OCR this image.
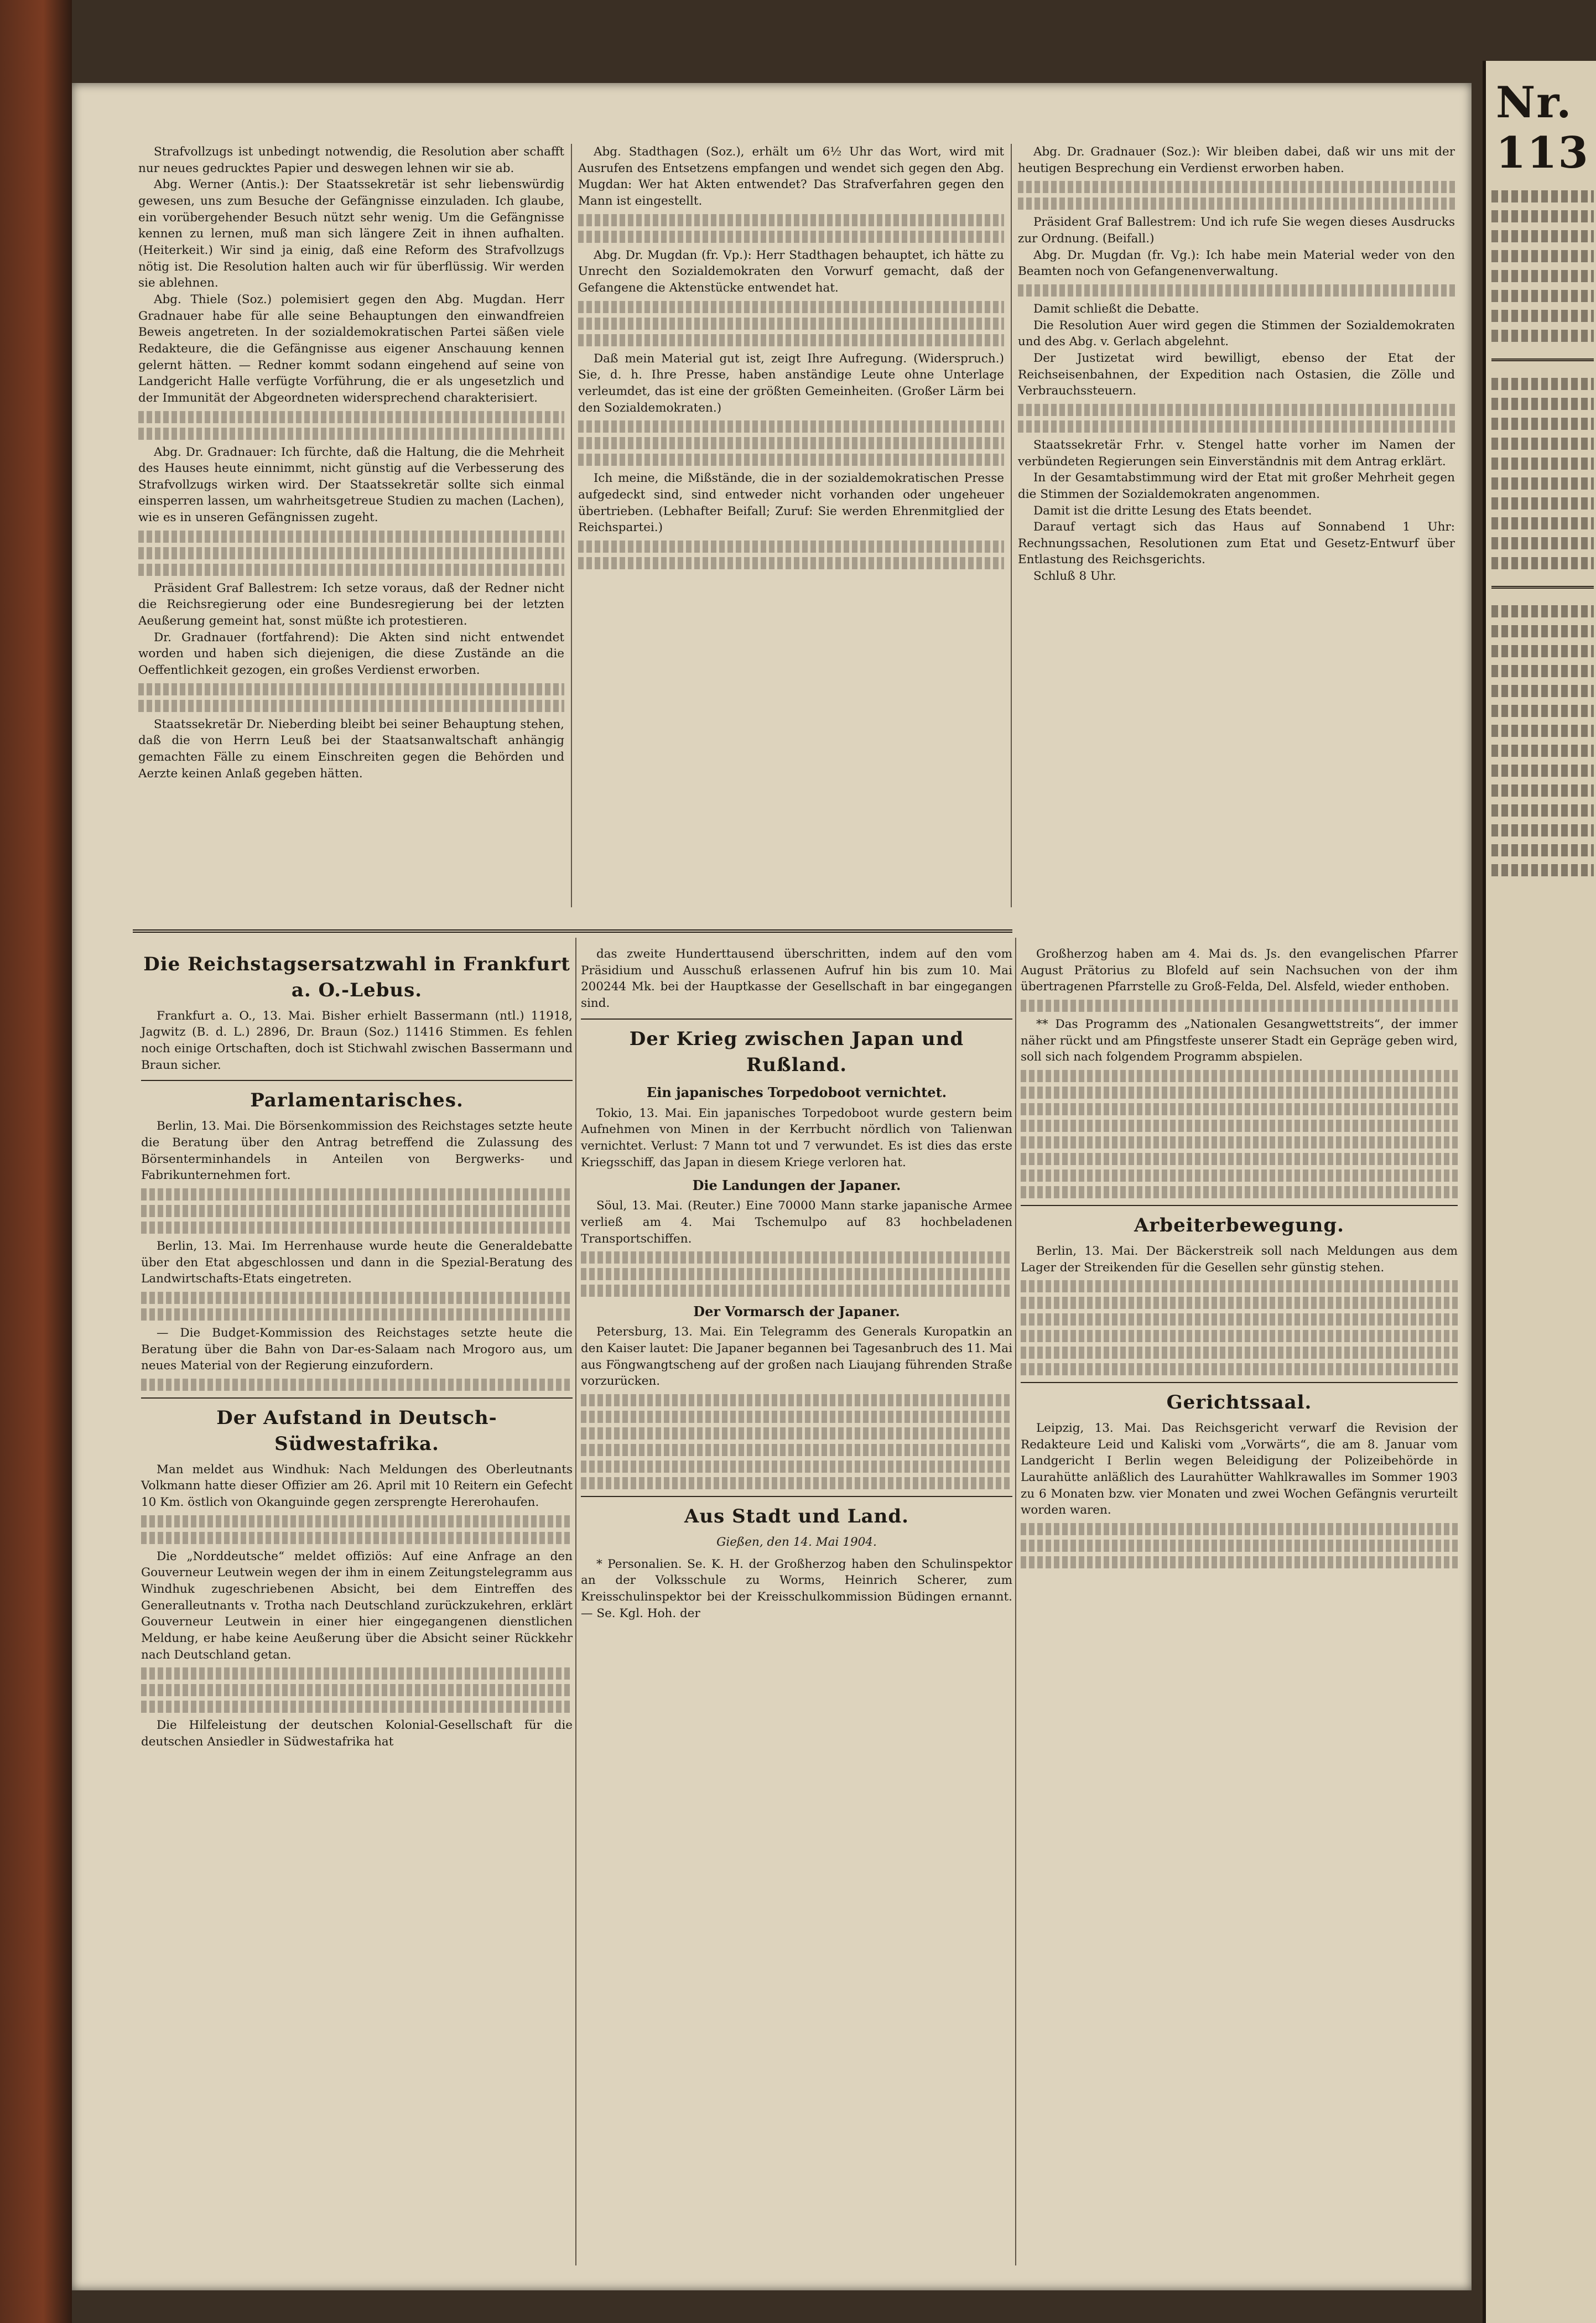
Strafvollzugs ist unbedingt notwendig, die Resolution aber schafft nur neues gedrucktes Papier und deswegen lehnen wir sie ab.

Abg. Werner (Antis.): Der Staatssekretär ist sehr liebenswürdig gewesen, uns zum Besuche der Gefängnisse einzuladen. Ich glaube, ein vorübergehender Besuch nützt sehr wenig. Um die Gefängnisse kennen zu lernen, muß man sich längere Zeit in ihnen aufhalten. (Heiterkeit.) Wir sind ja einig, daß eine Reform des Strafvollzugs nötig ist. Die Resolution halten auch wir für überflüssig. Wir werden sie ablehnen.

Abg. Thiele (Soz.) polemisiert gegen den Abg. Mugdan. Herr Gradnauer habe für alle seine Behauptungen den einwandfreien Beweis angetreten. In der sozialdemokratischen Partei säßen viele Redakteure, die die Gefängnisse aus eigener Anschauung kennen gelernt hätten. — Redner kommt sodann eingehend auf seine von Landgericht Halle verfügte Vorführung, die er als ungesetzlich und der Immunität der Abgeordneten widersprechend charakterisiert.

Abg. Dr. Gradnauer: Ich fürchte, daß die Haltung, die die Mehrheit des Hauses heute einnimmt, nicht günstig auf die Verbesserung des Strafvollzugs wirken wird. Der Staatssekretär sollte sich einmal einsperren lassen, um wahrheitsgetreue Studien zu machen (Lachen), wie es in unseren Gefängnissen zugeht.

Präsident Graf Ballestrem: Ich setze voraus, daß der Redner nicht die Reichsregierung oder eine Bundesregierung bei der letzten Aeußerung gemeint hat, sonst müßte ich protestieren.

Dr. Gradnauer (fortfahrend): Die Akten sind nicht entwendet worden und haben sich diejenigen, die diese Zustände an die Oeffentlichkeit gezogen, ein großes Verdienst erworben.

Staatssekretär Dr. Nieberding bleibt bei seiner Behauptung stehen, daß die von Herrn Leuß bei der Staatsanwaltschaft anhängig gemachten Fälle zu einem Einschreiten gegen die Behörden und Aerzte keinen Anlaß gegeben hätten.

Abg. Stadthagen (Soz.), erhält um 6½ Uhr das Wort, wird mit Ausrufen des Entsetzens empfangen und wendet sich gegen den Abg. Mugdan: Wer hat Akten entwendet? Das Strafverfahren gegen den Mann ist eingestellt.

Abg. Dr. Mugdan (fr. Vp.): Herr Stadthagen behauptet, ich hätte zu Unrecht den Sozialdemokraten den Vorwurf gemacht, daß der Gefangene die Aktenstücke entwendet hat.

Daß mein Material gut ist, zeigt Ihre Aufregung. (Widerspruch.) Sie, d. h. Ihre Presse, haben anständige Leute ohne Unterlage verleumdet, das ist eine der größten Gemeinheiten. (Großer Lärm bei den Sozialdemokraten.)

Ich meine, die Mißstände, die in der sozialdemokratischen Presse aufgedeckt sind, sind entweder nicht vorhanden oder ungeheuer übertrieben. (Lebhafter Beifall; Zuruf: Sie werden Ehrenmitglied der Reichspartei.)

Abg. Dr. Gradnauer (Soz.): Wir bleiben dabei, daß wir uns mit der heutigen Besprechung ein Verdienst erworben haben.

Präsident Graf Ballestrem: Und ich rufe Sie wegen dieses Ausdrucks zur Ordnung. (Beifall.)

Abg. Dr. Mugdan (fr. Vg.): Ich habe mein Material weder von den Beamten noch von Gefangenenverwaltung.

Damit schließt die Debatte.

Die Resolution Auer wird gegen die Stimmen der Sozialdemokraten und des Abg. v. Gerlach abgelehnt.

Der Justizetat wird bewilligt, ebenso der Etat der Reichseisenbahnen, der Expedition nach Ostasien, die Zölle und Verbrauchssteuern.

Staatssekretär Frhr. v. Stengel hatte vorher im Namen der verbündeten Regierungen sein Einverständnis mit dem Antrag erklärt.

In der Gesamtabstimmung wird der Etat mit großer Mehrheit gegen die Stimmen der Sozialdemokraten angenommen.

Damit ist die dritte Lesung des Etats beendet.

Darauf vertagt sich das Haus auf Sonnabend 1 Uhr: Rechnungssachen, Resolutionen zum Etat und Gesetz-Entwurf über Entlastung des Reichsgerichts.

Schluß 8 Uhr.

Die Reichstagsersatzwahl in Frankfurt a. O.-Lebus.

Frankfurt a. O., 13. Mai. Bisher erhielt Bassermann (ntl.) 11918, Jagwitz (B. d. L.) 2896, Dr. Braun (Soz.) 11416 Stimmen. Es fehlen noch einige Ortschaften, doch ist Stichwahl zwischen Bassermann und Braun sicher.

Parlamentarisches.

Berlin, 13. Mai. Die Börsenkommission des Reichstages setzte heute die Beratung über den Antrag betreffend die Zulassung des Börsenterminhandels in Anteilen von Bergwerks- und Fabrikunternehmen fort.

Berlin, 13. Mai. Im Herrenhause wurde heute die Generaldebatte über den Etat abgeschlossen und dann in die Spezial-Beratung des Landwirtschafts-Etats eingetreten.

— Die Budget-Kommission des Reichstages setzte heute die Beratung über die Bahn von Dar-es-Salaam nach Mrogoro aus, um neues Material von der Regierung einzufordern.

Der Aufstand in Deutsch-Südwestafrika.

Man meldet aus Windhuk: Nach Meldungen des Oberleutnants Volkmann hatte dieser Offizier am 26. April mit 10 Reitern ein Gefecht 10 Km. östlich von Okanguinde gegen zersprengte Hererohaufen.

Die „Norddeutsche“ meldet offiziös: Auf eine Anfrage an den Gouverneur Leutwein wegen der ihm in einem Zeitungstelegramm aus Windhuk zugeschriebenen Absicht, bei dem Eintreffen des Generalleutnants v. Trotha nach Deutschland zurückzukehren, erklärt Gouverneur Leutwein in einer hier eingegangenen dienstlichen Meldung, er habe keine Aeußerung über die Absicht seiner Rückkehr nach Deutschland getan.

Die Hilfeleistung der deutschen Kolonial-Gesellschaft für die deutschen Ansiedler in Südwestafrika hat

das zweite Hunderttausend überschritten, indem auf den vom Präsidium und Ausschuß erlassenen Aufruf hin bis zum 10. Mai 200244 Mk. bei der Hauptkasse der Gesellschaft in bar eingegangen sind.

Der Krieg zwischen Japan und Rußland.
Ein japanisches Torpedoboot vernichtet.

Tokio, 13. Mai. Ein japanisches Torpedoboot wurde gestern beim Aufnehmen von Minen in der Kerrbucht nördlich von Talienwan vernichtet. Verlust: 7 Mann tot und 7 verwundet. Es ist dies das erste Kriegsschiff, das Japan in diesem Kriege verloren hat.

Die Landungen der Japaner.

Söul, 13. Mai. (Reuter.) Eine 70000 Mann starke japanische Armee verließ am 4. Mai Tschemulpo auf 83 hochbeladenen Transportschiffen.

Der Vormarsch der Japaner.

Petersburg, 13. Mai. Ein Telegramm des Generals Kuropatkin an den Kaiser lautet: Die Japaner begannen bei Tagesanbruch des 11. Mai aus Föngwangtscheng auf der großen nach Liaujang führenden Straße vorzurücken.

Aus Stadt und Land.
Gießen, den 14. Mai 1904.

* Personalien. Se. K. H. der Großherzog haben den Schulinspektor an der Volksschule zu Worms, Heinrich Scherer, zum Kreisschulinspektor bei der Kreisschulkommission Büdingen ernannt. — Se. Kgl. Hoh. der

Großherzog haben am 4. Mai ds. Js. den evangelischen Pfarrer August Prätorius zu Blofeld auf sein Nachsuchen von der ihm übertragenen Pfarrstelle zu Groß-Felda, Del. Alsfeld, wieder enthoben.

** Das Programm des „Nationalen Gesangwettstreits“, der immer näher rückt und am Pfingstfeste unserer Stadt ein Gepräge geben wird, soll sich nach folgendem Programm abspielen.

Arbeiterbewegung.

Berlin, 13. Mai. Der Bäckerstreik soll nach Meldungen aus dem Lager der Streikenden für die Gesellen sehr günstig stehen.

Gerichtssaal.

Leipzig, 13. Mai. Das Reichsgericht verwarf die Revision der Redakteure Leid und Kaliski vom „Vorwärts“, die am 8. Januar vom Landgericht I Berlin wegen Beleidigung der Polizeibehörde in Laurahütte anläßlich des Laurahütter Wahlkrawalles im Sommer 1903 zu 6 Monaten bzw. vier Monaten und zwei Wochen Gefängnis verurteilt worden waren.

Nr. 113
